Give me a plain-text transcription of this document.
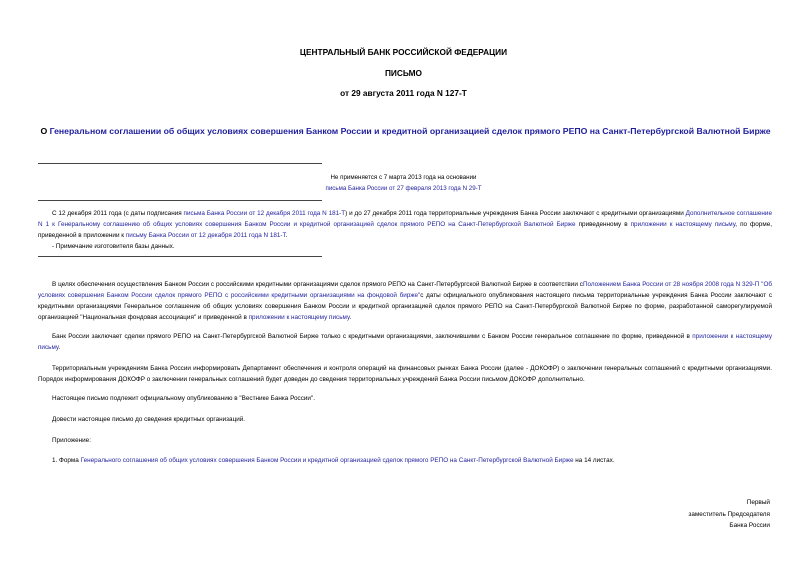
ЦЕНТРАЛЬНЫЙ БАНК РОССИЙСКОЙ ФЕДЕРАЦИИ

ПИСЬМО

от 29 августа 2011 года N 127-Т

О Генеральном соглашении об общих условиях совершения Банком России и кредитной организацией сделок прямого РЕПО на Санкт-Петербургской Валютной Бирже

Не применяется с 7 марта 2013 года на основании
письма Банка России от 27 февраля 2013 года N 29-Т

С 12 декабря 2011 года (с даты подписания письма Банка России от 12 декабря 2011 года N 181-Т) и до 27 декабря 2011 года территориальные учреждения Банка России заключают с кредитными организациями Дополнительное соглашение N 1 к Генеральному соглашению об общих условиях совершения Банком России и кредитной организацией сделок прямого РЕПО на Санкт-Петербургской Валютной Бирже приведенному в приложении к настоящему письму, по форме, приведенной в приложении к письму Банка России от 12 декабря 2011 года N 181-Т.

- Примечание изготовителя базы данных.

В целях обеспечения осуществления Банком России с российскими кредитными организациями сделок прямого РЕПО на Санкт-Петербургской Валютной Бирже в соответствии сПоложением Банка России от 28 ноября 2008 года N 329-П "Об условиях совершения Банком России сделок прямого РЕПО с российскими кредитными организациями на фондовой бирже"с даты официального опубликования настоящего письма территориальные учреждения Банка России заключают с кредитными организациями Генеральное соглашение об общих условиях совершения Банком России и кредитной организацией сделок прямого РЕПО на Санкт-Петербургской Валютной Бирже по форме, разработанной саморегулируемой организацией "Национальная фондовая ассоциация" и приведенной в приложении к настоящему письму.

Банк России заключает сделки прямого РЕПО на Санкт-Петербургской Валютной Бирже только с кредитными организациями, заключившими с Банком России генеральное соглашение по форме, приведенной в приложении к настоящему письму.

Территориальным учреждениям Банка России информировать Департамент обеспечения и контроля операций на финансовых рынках Банка России (далее - ДОКОФР) о заключении генеральных соглашений с кредитными организациями. Порядок информирования ДОКОФР о заключении генеральных соглашений будет доведен до сведения территориальных учреждений Банка России письмом ДОКОФР дополнительно.

Настоящее письмо подлежит официальному опубликованию в "Вестнике Банка России".

Довести настоящее письмо до сведения кредитных организаций.

Приложение:

1. Форма Генерального соглашения об общих условиях совершения Банком России и кредитной организацией сделок прямого РЕПО на Санкт-Петербургской Валютной Бирже на 14 листах.

Первый
заместитель Председателя
Банка России
